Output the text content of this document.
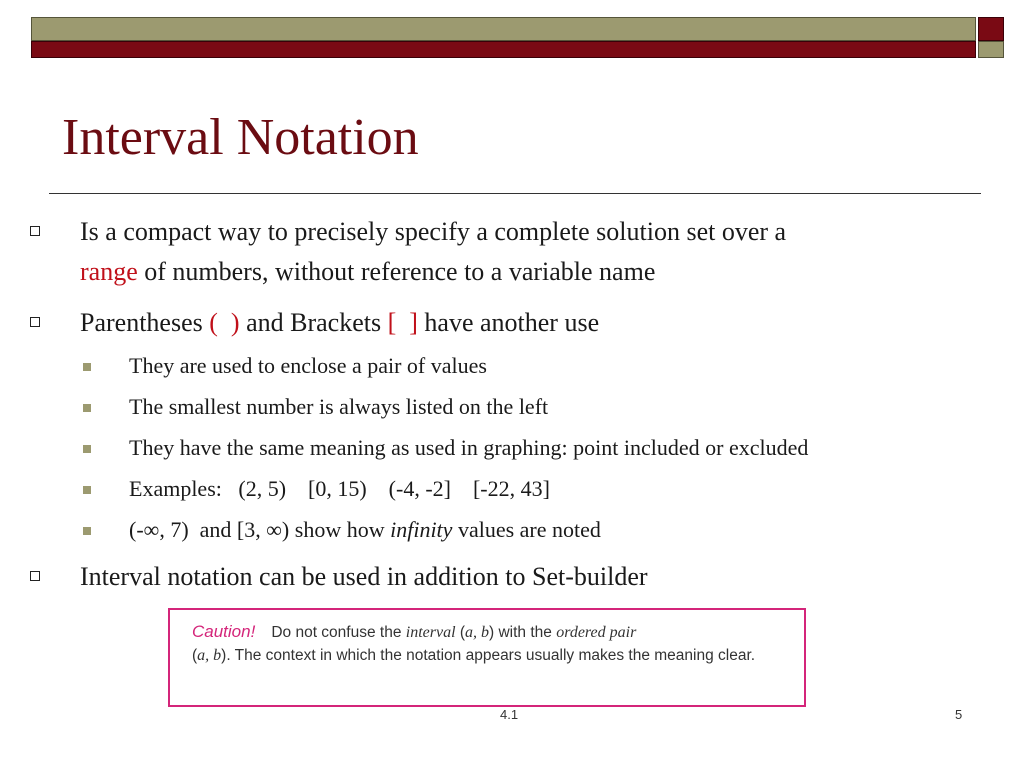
Interval Notation
Is a compact way to precisely specify a complete solution set over a
range of numbers, without reference to a variable name
Parentheses (  ) and Brackets [  ] have another use
They are used to enclose a pair of values
The smallest number is always listed on the left
They have the same meaning as used in graphing: point included or excluded
Examples:   (2, 5)    [0, 15)    (-4, -2]    [-22, 43]
(-∞, 7)  and [3, ∞) show how infinity values are noted
Interval notation can be used in addition to Set-builder
Caution! Do not confuse the interval (a, b) with the ordered pair
(a, b). The context in which the notation appears usually makes the meaning clear.
4.1	5
